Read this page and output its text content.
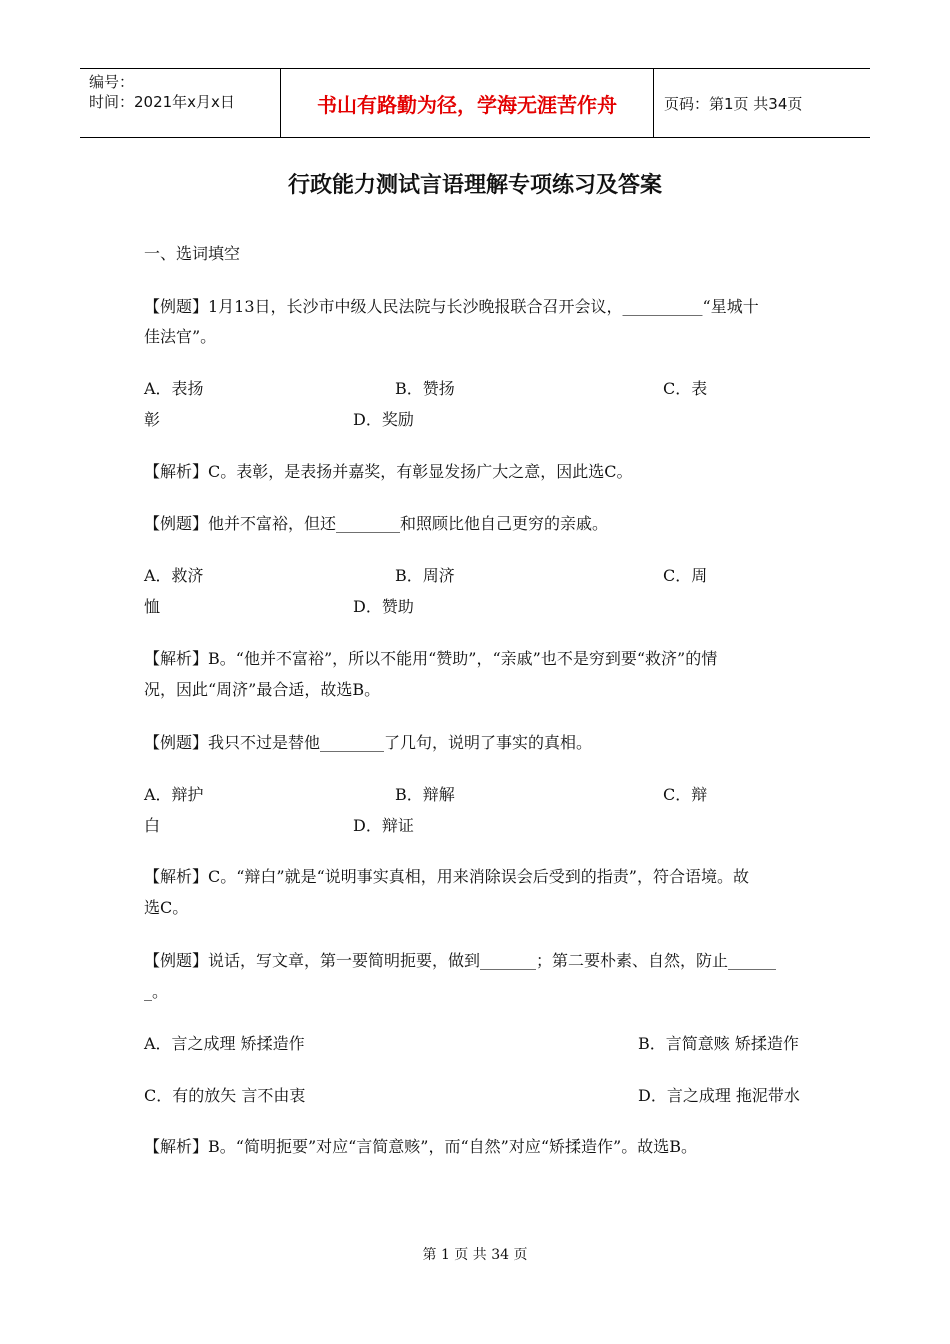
编号：
时间：2021年x月x日	书山有路勤为径，学海无涯苦作舟	页码：第1页 共34页
行政能力测试言语理解专项练习及答案
一、选词填空
【例题】1月13日，长沙市中级人民法院与长沙晚报联合召开会议，__________“星城十
佳法官”。
A．表扬	B．赞扬	C．表
彰	D．奖励
【解析】C。表彰，是表扬并嘉奖，有彰显发扬广大之意，因此选C。
【例题】他并不富裕，但还________和照顾比他自己更穷的亲戚。
A．救济	B．周济	C．周
恤	D．赞助
【解析】B。“他并不富裕”，所以不能用“赞助”，“亲戚”也不是穷到要“救济”的情
况，因此“周济”最合适，故选B。
【例题】我只不过是替他________了几句，说明了事实的真相。
A．辩护	B．辩解	C．辩
白	D．辩证
【解析】C。“辩白”就是“说明事实真相，用来消除误会后受到的指责”，符合语境。故
选C。
【例题】说话，写文章，第一要简明扼要，做到_______；第二要朴素、自然，防止______
_。
A．言之成理 矫揉造作	B．言简意赅 矫揉造作
C．有的放矢 言不由衷	D．言之成理 拖泥带水
【解析】B。“简明扼要”对应“言简意赅”，而“自然”对应“矫揉造作”。故选B。
第 1 页 共 34 页
